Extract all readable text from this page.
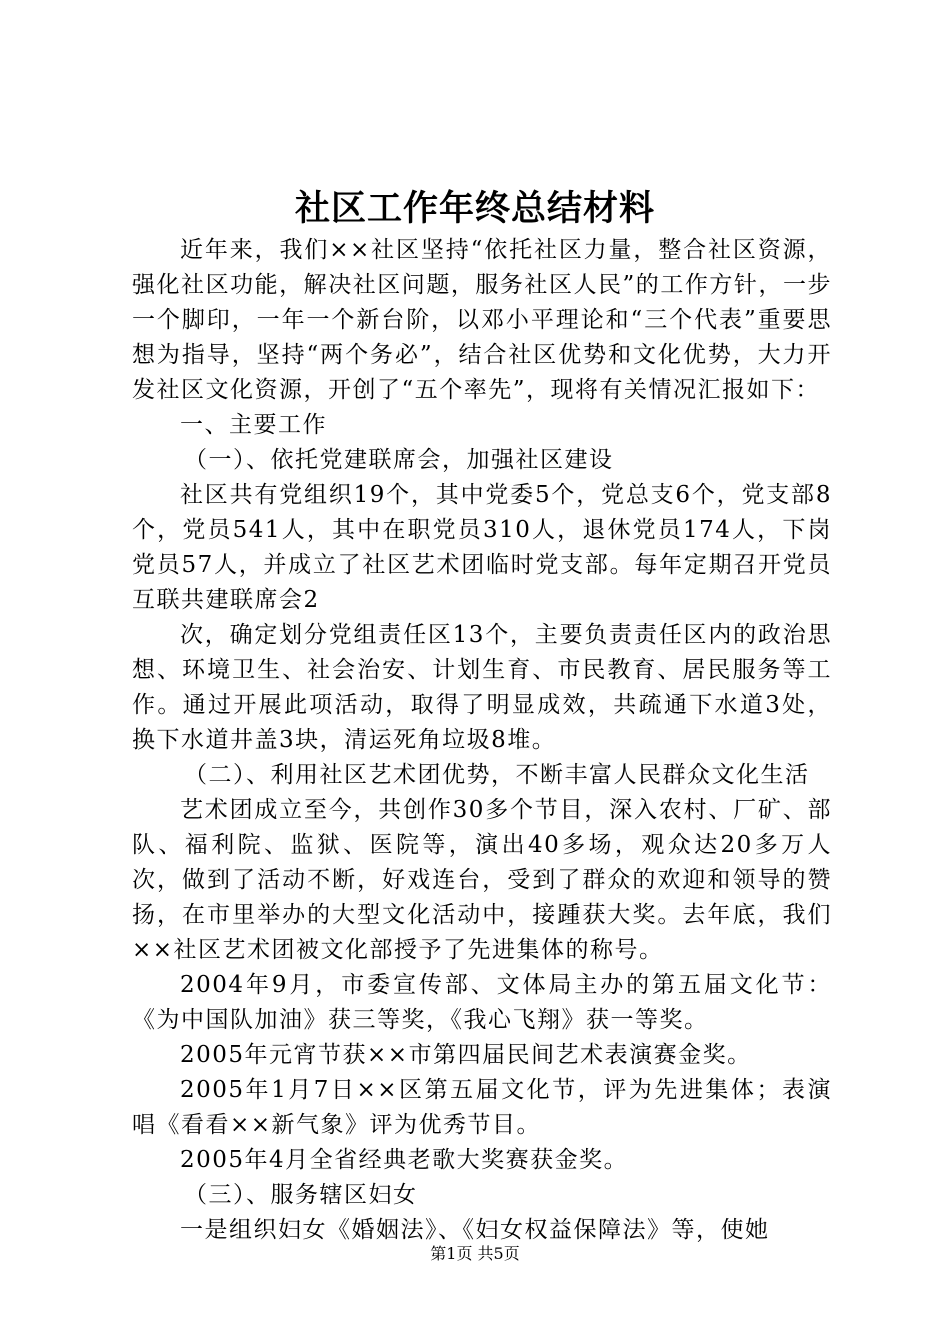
社区工作年终总结材料

近年来，我们××社区坚持“依托社区力量，整合社区资源，强化社区功能，解决社区问题，服务社区人民”的工作方针，一步一个脚印，一年一个新台阶，以邓小平理论和“三个代表”重要思想为指导，坚持“两个务必”，结合社区优势和文化优势，大力开发社区文化资源，开创了“五个率先”，现将有关情况汇报如下：

一、主要工作

（一）、依托党建联席会，加强社区建设

社区共有党组织19个，其中党委5个，党总支6个，党支部8个，党员541人，其中在职党员310人，退休党员174人，下岗党员57人，并成立了社区艺术团临时党支部。每年定期召开党员互联共建联席会2

次，确定划分党组责任区13个，主要负责责任区内的政治思想、环境卫生、社会治安、计划生育、市民教育、居民服务等工作。通过开展此项活动，取得了明显成效，共疏通下水道3处，换下水道井盖3块，清运死角垃圾8堆。

（二）、利用社区艺术团优势，不断丰富人民群众文化生活

艺术团成立至今，共创作30多个节目，深入农村、厂矿、部队、福利院、监狱、医院等，演出40多场，观众达20多万人次，做到了活动不断，好戏连台，受到了群众的欢迎和领导的赞扬，在市里举办的大型文化活动中，接踵获大奖。去年底，我们××社区艺术团被文化部授予了先进集体的称号。

2004年9月，市委宣传部、文体局主办的第五届文化节：《为中国队加油》获三等奖，《我心飞翔》获一等奖。

2005年元宵节获××市第四届民间艺术表演赛金奖。

2005年1月7日××区第五届文化节，评为先进集体；表演唱《看看××新气象》评为优秀节目。

2005年4月全省经典老歌大奖赛获金奖。

（三）、服务辖区妇女

一是组织妇女《婚姻法》、《妇女权益保障法》等，使她

第1页 共5页
